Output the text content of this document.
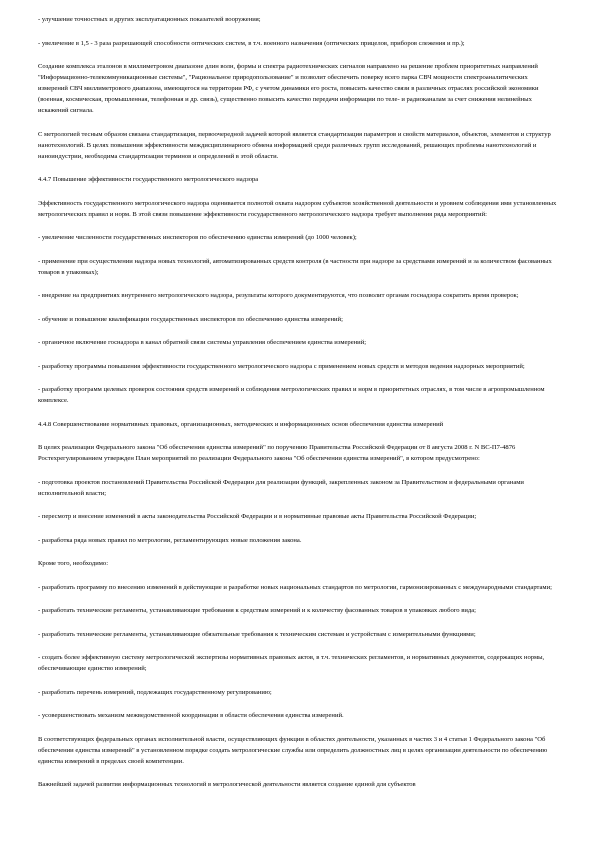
- улучшение точностных и других эксплуатационных показателей вооружения;

- увеличение в 1,5 - 3 раза разрешающей способности оптических систем, в т.ч. военного назначения (оптических прицелов, приборов слежения и пр.);

Создание комплекса эталонов в миллиметровом диапазоне длин волн, формы и спектра радиотехнических сигналов направлено на решение проблем приоритетных направлений "Информационно-телекоммуникационные системы", "Рациональное природопользование" и позволит обеспечить поверку всего парка СВЧ мощности спектроаналитических измерений СВЧ миллиметрового диапазона, имеющегося на территории РФ, с учетом динамики его роста, повысить качество связи в различных отраслях российской экономики (военная, космическая, промышленная, телефонная и др. связь), существенно повысить качество передачи информации по теле- и радиоканалам за счет снижения нелинейных искажений сигнала.

С метрологией тесным образом связана стандартизация, первоочередной задачей которой является стандартизация параметров и свойств материалов, объектов, элементов и структур нанотехнологий. В целях повышения эффективности междисциплинарного обмена информацией среди различных групп исследований, решающих проблемы нанотехнологий и наноиндустрии, необходима стандартизация терминов и определений в этой области.

4.4.7 Повышение эффективности государственного метрологического надзора

Эффективность государственного метрологического надзора оценивается полнотой охвата надзором субъектов хозяйственной деятельности и уровнем соблюдения ими установленных метрологических правил и норм. В этой связи повышение эффективности государственного метрологического надзора требует выполнения ряда мероприятий:

- увеличение численности государственных инспекторов по обеспечению единства измерений (до 1000 человек);

- применение при осуществлении надзора новых технологий, автоматизированных средств контроля (в частности при надзоре за средствами измерений и за количеством фасованных товаров в упаковках);

- внедрение на предприятиях внутреннего метрологического надзора, результаты которого документируются, что позволит органам госнадзора сократить время проверок;

- обучение и повышение квалификации государственных инспекторов по обеспечению единства измерений;

- органичное включение госнадзора в канал обратной связи системы управления обеспечением единства измерений;

- разработку программы повышения эффективности государственного метрологического надзора с применением новых средств и методов ведения надзорных мероприятий;

- разработку программ целевых проверок состояния средств измерений и соблюдения метрологических правил и норм в приоритетных отраслях, в том числе в агропромышленном комплексе.

4.4.8 Совершенствование нормативных правовых, организационных, методических и информационных основ обеспечения единства измерений

В целях реализации Федерального закона "Об обеспечении единства измерений" по поручению Правительства Российской Федерации от 8 августа 2008 г. N ВС-П7-4876 Ростехрегулированием утвержден План мероприятий по реализации Федерального закона "Об обеспечении единства измерений", в котором предусмотрено:

- подготовка проектов постановлений Правительства Российской Федерации для реализации функций, закрепленных законом за Правительством и федеральными органами исполнительной власти;

- пересмотр и внесение изменений в акты законодательства Российской Федерации и в нормативные правовые акты Правительства Российской Федерации;

- разработка ряда новых правил по метрологии, регламентирующих новые положения закона.

Кроме того, необходимо:

- разработать программу по внесению изменений в действующие и разработке новых национальных стандартов по метрологии, гармонизированных с международными стандартами;

- разработать технические регламенты, устанавливающие требования к средствам измерений и к количеству фасованных товаров в упаковках любого вида;

- разработать технические регламенты, устанавливающие обязательные требования к техническим системам и устройствам с измерительными функциями;

- создать более эффективную систему метрологической экспертизы нормативных правовых актов, в т.ч. технических регламентов, и нормативных документов, содержащих нормы, обеспечивающие единство измерений;

- разработать перечень измерений, подлежащих государственному регулированию;

- усовершенствовать механизм межведомственной координации в области обеспечения единства измерений.

В соответствующих федеральных органах исполнительной власти, осуществляющих функции в областях деятельности, указанных в частях 3 и 4 статьи 1 Федерального закона "Об обеспечении единства измерений" в установленном порядке создать метрологические службы или определить должностных лиц в целях организации деятельности по обеспечению единства измерений в пределах своей компетенции.

Важнейшей задачей развития информационных технологий в метрологической деятельности является создание единой для субъектов
